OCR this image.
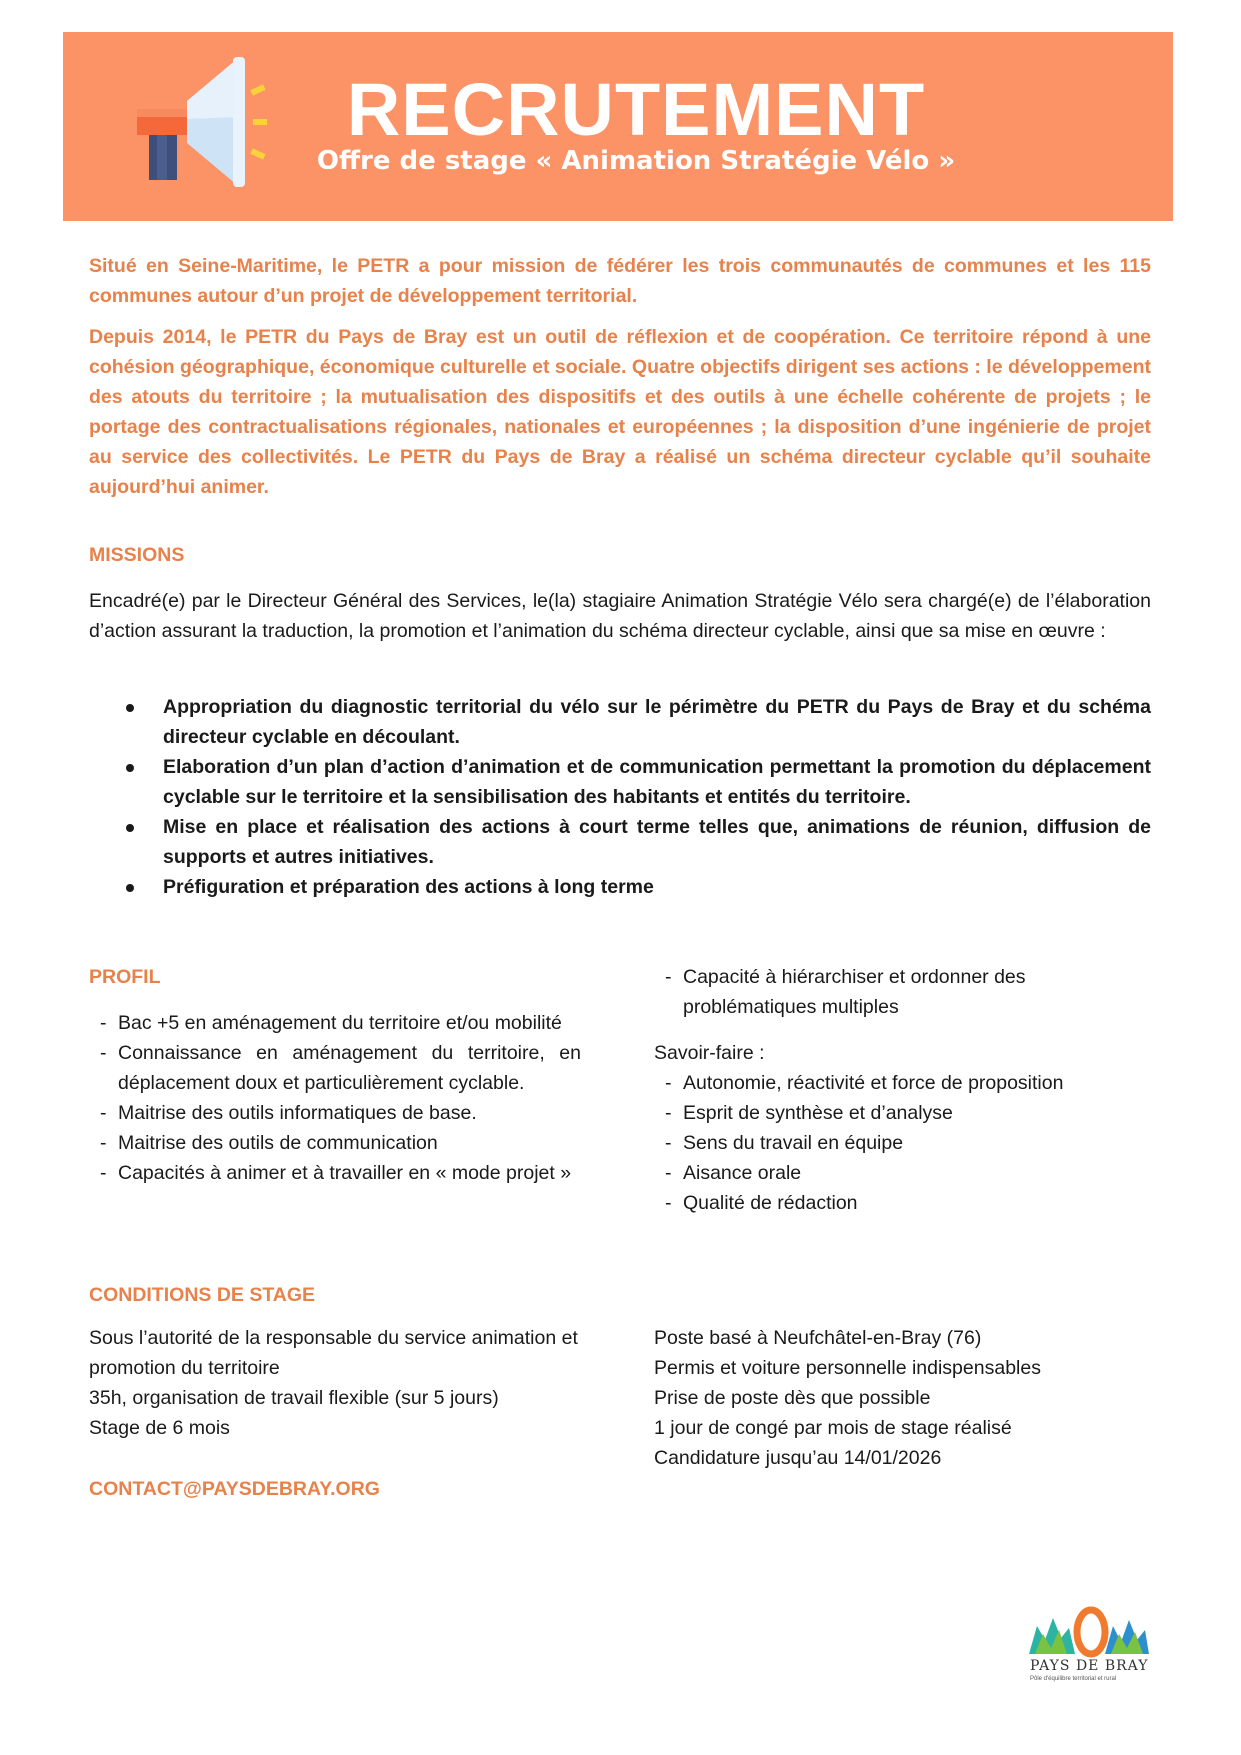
RECRUTEMENT
Offre de stage « Animation Stratégie Vélo »
Situé en Seine-Maritime, le PETR a pour mission de fédérer les trois communautés de communes et les 115 communes autour d’un projet de développement territorial.
Depuis 2014, le PETR du Pays de Bray est un outil de réflexion et de coopération. Ce territoire répond à une cohésion géographique, économique culturelle et sociale. Quatre objectifs dirigent ses actions : le développement des atouts du territoire ; la mutualisation des dispositifs et des outils à une échelle cohérente de projets ; le portage des contractualisations régionales, nationales et européennes ; la disposition d’une ingénierie de projet au service des collectivités. Le PETR du Pays de Bray a réalisé un schéma directeur cyclable qu’il souhaite aujourd’hui animer.
MISSIONS
Encadré(e) par le Directeur Général des Services, le(la) stagiaire Animation Stratégie Vélo sera chargé(e) de l’élaboration d’action assurant la traduction, la promotion et l’animation du schéma directeur cyclable, ainsi que sa mise en œuvre :
Appropriation du diagnostic territorial du vélo sur le périmètre du PETR du Pays de Bray et du schéma directeur cyclable en découlant.
Elaboration d’un plan d’action d’animation et de communication permettant la promotion du déplacement cyclable sur le territoire et la sensibilisation des habitants et entités du territoire.
Mise en place et réalisation des actions à court terme telles que, animations de réunion, diffusion de supports et autres initiatives.
Préfiguration et préparation des actions à long terme
PROFIL
- Bac +5 en aménagement du territoire et/ou mobilité
- Connaissance en aménagement du territoire, en déplacement doux et particulièrement cyclable.
- Maitrise des outils informatiques de base.
- Maitrise des outils de communication
- Capacités à animer et à travailler en « mode projet »
- Capacité à hiérarchiser et ordonner des problématiques multiples
Savoir-faire :
- Autonomie, réactivité et force de proposition
- Esprit de synthèse et d’analyse
- Sens du travail en équipe
- Aisance orale
- Qualité de rédaction
CONDITIONS DE STAGE
Sous l’autorité de la responsable du service animation et promotion du territoire
35h, organisation de travail flexible (sur 5 jours)
Stage de 6 mois
Poste basé à Neufchâtel-en-Bray (76)
Permis et voiture personnelle indispensables
Prise de poste dès que possible
1 jour de congé par mois de stage réalisé
Candidature jusqu’au 14/01/2026
CONTACT@PAYSDEBRAY.ORG
PAYS DE BRAY
Pôle d'équilibre territorial et rural
